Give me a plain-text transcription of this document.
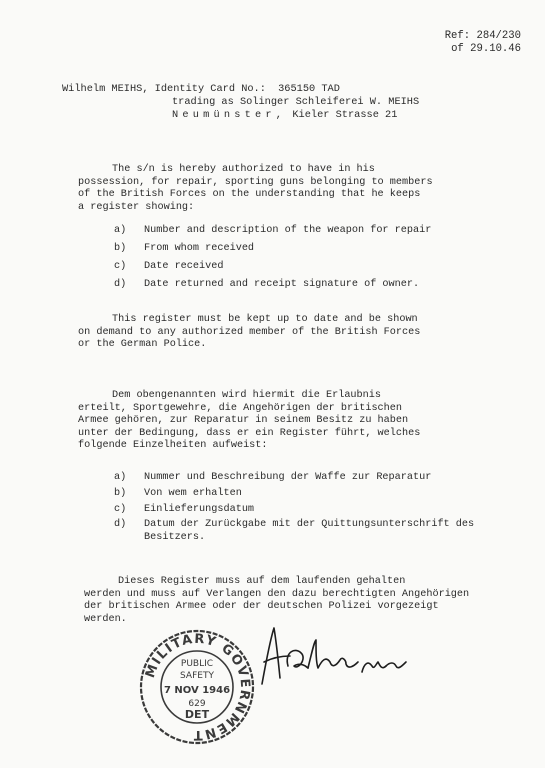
Ref: 284/230
of 29.10.46
Wilhelm MEIHS, Identity Card No.: 365150 TAD
trading as Solinger Schleiferei W. MEIHS
Neumünster, Kieler Strasse 21
The s/n is hereby authorized to have in his
possession, for repair, sporting guns belonging to members
of the British Forces on the understanding that he keeps
a register showing:
a) Number and description of the weapon for repair
b) From whom received
c) Date received
d) Date returned and receipt signature of owner.
This register must be kept up to date and be shown
on demand to any authorized member of the British Forces
or the German Police.
Dem obengenannten wird hiermit die Erlaubnis
erteilt, Sportgewehre, die Angehörigen der britischen
Armee gehören, zur Reparatur in seinem Besitz zu haben
unter der Bedingung, dass er ein Register führt, welches
folgende Einzelheiten aufweist:
a) Nummer und Beschreibung der Waffe zur Reparatur
b) Von wem erhalten
c) Einlieferungsdatum
d) Datum der Zurückgabe mit der Quittungsunterschrift des Besitzers.
Dieses Register muss auf dem laufenden gehalten
werden und muss auf Verlangen den dazu berechtigten Angehörigen
der britischen Armee oder der deutschen Polizei vorgezeigt
werden.
MILITARY GOVERNMENT
PUBLIC
SAFETY
7 NOV 1946
629
DET
